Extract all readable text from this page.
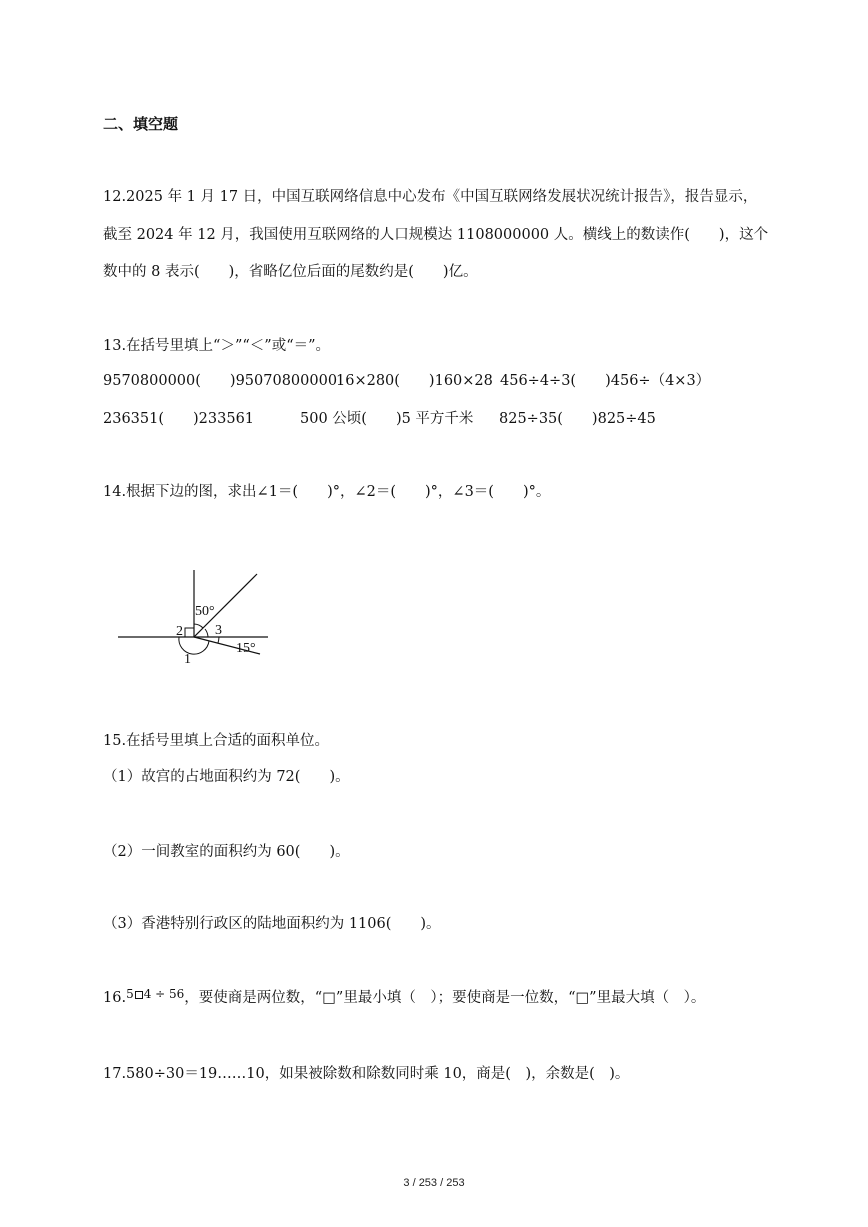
二、填空题
12.2025 年 1 月 17 日，中国互联网络信息中心发布《中国互联网络发展状况统计报告》，报告显示，
截至 2024 年 12 月，我国使用互联网络的人口规模达 1108000000 人。横线上的数读作(　　)，这个
数中的 8 表示(　　)，省略亿位后面的尾数约是(　　)亿。
13.在括号里填上“＞”“＜”或“＝”。
9570800000(　　)95070800000
16×280(　　)160×28 456÷4÷3(　　)456÷（4×3）
236351(　　)233561	500 公顷(　　)5 平方千米 825÷35(　　)825÷45
14.根据下边的图，求出∠1＝(　　)°，∠2＝(　　)°，∠3＝(　　)°。
50°
15°
1
2 3
15.在括号里填上合适的面积单位。
（1）故宫的占地面积约为 72(　　)。
（2）一间教室的面积约为 60(　　)。
（3）香港特别行政区的陆地面积约为 1106(　　)。
16.$^5$ $^{4 \div 56}$，要使商是两位数，“□”里最小填（　）；要使商是一位数，“□”里最大填（　）。
17.580÷30＝19……10，如果被除数和除数同时乘 10，商是(　)，余数是(　)。
3 / 253 / 253
